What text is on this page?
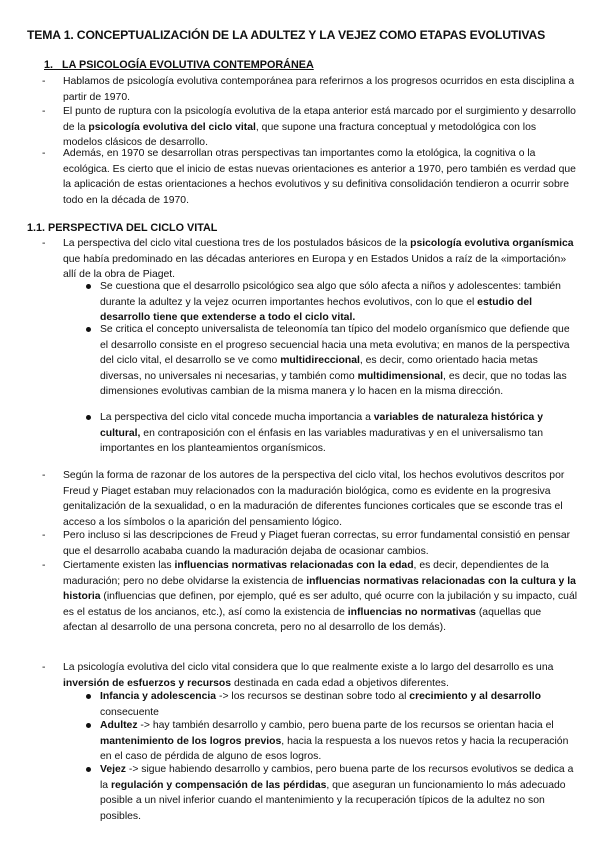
TEMA 1. CONCEPTUALIZACIÓN DE LA ADULTEZ Y LA VEJEZ COMO ETAPAS EVOLUTIVAS
1. LA PSICOLOGÍA EVOLUTIVA CONTEMPORÁNEA
- Hablamos de psicología evolutiva contemporánea para referirnos a los progresos ocurridos en esta disciplina a partir de 1970.
- El punto de ruptura con la psicología evolutiva de la etapa anterior está marcado por el surgimiento y desarrollo de la psicología evolutiva del ciclo vital, que supone una fractura conceptual y metodológica con los modelos clásicos de desarrollo.
- Además, en 1970 se desarrollan otras perspectivas tan importantes como la etológica, la cognitiva o la ecológica. Es cierto que el inicio de estas nuevas orientaciones es anterior a 1970, pero también es verdad que la aplicación de estas orientaciones a hechos evolutivos y su definitiva consolidación tendieron a ocurrir sobre todo en la década de 1970.
1.1. PERSPECTIVA DEL CICLO VITAL
- La perspectiva del ciclo vital cuestiona tres de los postulados básicos de la psicología evolutiva organísmica que había predominado en las décadas anteriores en Europa y en Estados Unidos a raíz de la «importación» allí de la obra de Piaget.
Se cuestiona que el desarrollo psicológico sea algo que sólo afecta a niños y adolescentes: también durante la adultez y la vejez ocurren importantes hechos evolutivos, con lo que el estudio del desarrollo tiene que extenderse a todo el ciclo vital.
Se critica el concepto universalista de teleonomía tan típico del modelo organísmico que defiende que el desarrollo consiste en el progreso secuencial hacia una meta evolutiva; en manos de la perspectiva del ciclo vital, el desarrollo se ve como multidireccional, es decir, como orientado hacia metas diversas, no universales ni necesarias, y también como multidimensional, es decir, que no todas las dimensiones evolutivas cambian de la misma manera y lo hacen en la misma dirección.
La perspectiva del ciclo vital concede mucha importancia a variables de naturaleza histórica y cultural, en contraposición con el énfasis en las variables madurativas y en el universalismo tan importantes en los planteamientos organísmicos.
- Según la forma de razonar de los autores de la perspectiva del ciclo vital, los hechos evolutivos descritos por Freud y Piaget estaban muy relacionados con la maduración biológica, como es evidente en la progresiva genitalización de la sexualidad, o en la maduración de diferentes funciones corticales que se esconde tras el acceso a los símbolos o la aparición del pensamiento lógico.
- Pero incluso si las descripciones de Freud y Piaget fueran correctas, su error fundamental consistió en pensar que el desarrollo acababa cuando la maduración dejaba de ocasionar cambios.
- Ciertamente existen las influencias normativas relacionadas con la edad, es decir, dependientes de la maduración; pero no debe olvidarse la existencia de influencias normativas relacionadas con la cultura y la historia (influencias que definen, por ejemplo, qué es ser adulto, qué ocurre con la jubilación y su impacto, cuál es el estatus de los ancianos, etc.), así como la existencia de influencias no normativas (aquellas que afectan al desarrollo de una persona concreta, pero no al desarrollo de los demás).
- La psicología evolutiva del ciclo vital considera que lo que realmente existe a lo largo del desarrollo es una inversión de esfuerzos y recursos destinada en cada edad a objetivos diferentes.
Infancia y adolescencia -> los recursos se destinan sobre todo al crecimiento y al desarrollo consecuente
Adultez -> hay también desarrollo y cambio, pero buena parte de los recursos se orientan hacia el mantenimiento de los logros previos, hacia la respuesta a los nuevos retos y hacia la recuperación en el caso de pérdida de alguno de esos logros.
Vejez -> sigue habiendo desarrollo y cambios, pero buena parte de los recursos evolutivos se dedica a la regulación y compensación de las pérdidas, que aseguran un funcionamiento lo más adecuado posible a un nivel inferior cuando el mantenimiento y la recuperación típicos de la adultez no son posibles.
